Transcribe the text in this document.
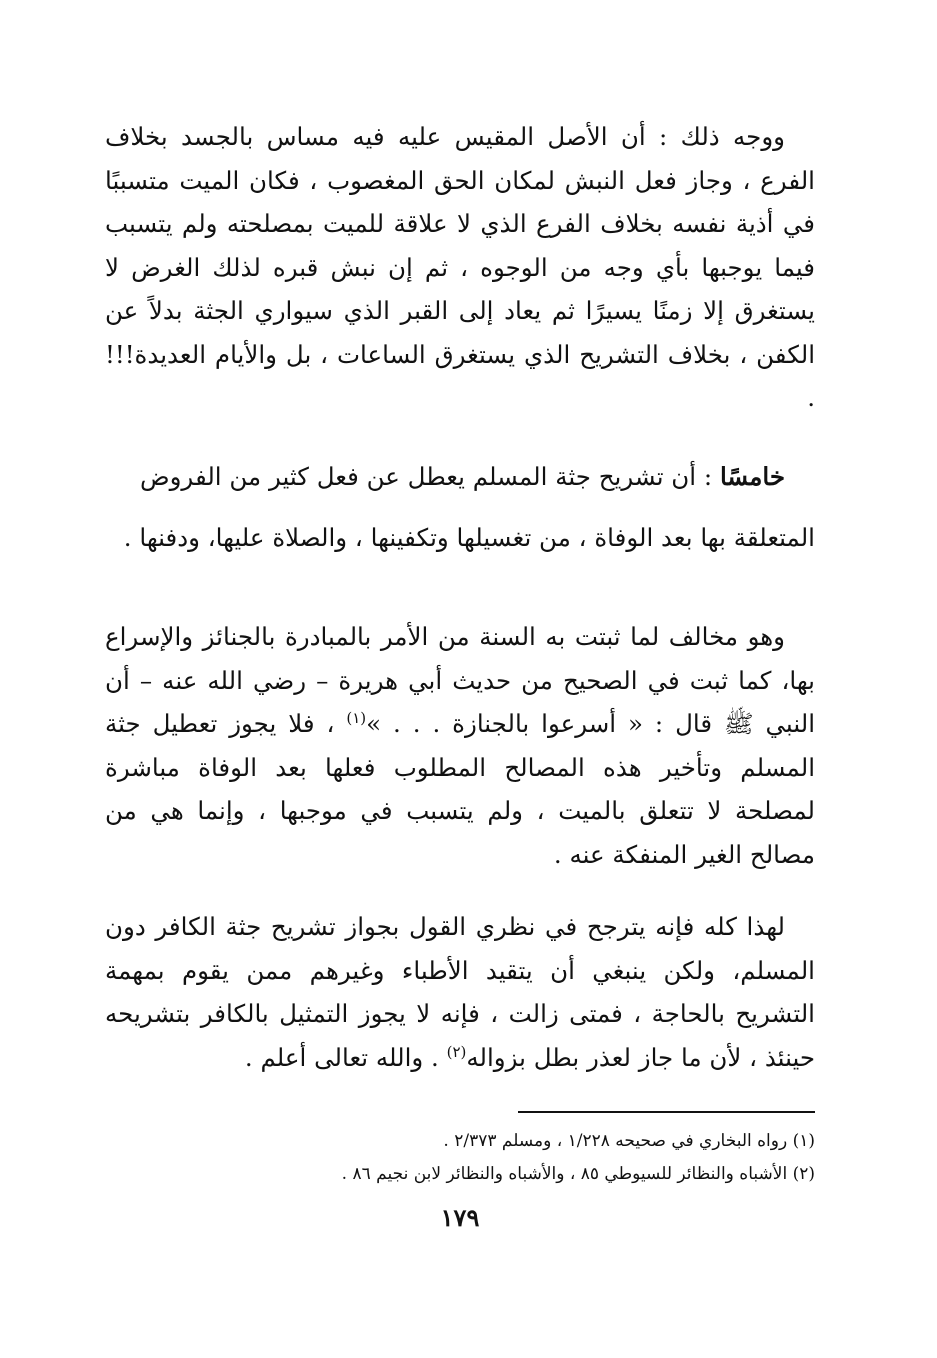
ووجه ذلك : أن الأصل المقيس عليه فيه مساس بالجسد بخلاف الفرع ، وجاز فعل النبش لمكان الحق المغصوب ، فكان الميت متسببًا في أذية نفسه بخلاف الفرع الذي لا علاقة للميت بمصلحته ولم يتسبب فيما يوجبها بأي وجه من الوجوه ، ثم إن نبش قبره لذلك الغرض لا يستغرق إلا زمنًا يسيرًا ثم يعاد إلى القبر الذي سيواري الجثة بدلاً عن الكفن ، بخلاف التشريح الذي يستغرق الساعات ، بل والأيام العديدة!!! .

خامسًا : أن تشريح جثة المسلم يعطل عن فعل كثير من الفروض
المتعلقة بها بعد الوفاة ، من تغسيلها وتكفينها ، والصلاة عليها، ودفنها .

وهو مخالف لما ثبتت به السنة من الأمر بالمبادرة بالجنائز والإسراع بها، كما ثبت في الصحيح من حديث أبي هريرة – رضي الله عنه – أن النبي ﷺ قال : « أسرعوا بالجنازة . . . »$^{(١)}$ ، فلا يجوز تعطيل جثة المسلم وتأخير هذه المصالح المطلوب فعلها بعد الوفاة مباشرة لمصلحة لا تتعلق بالميت ، ولم يتسبب في موجبها ، وإنما هي من مصالح الغير المنفكة عنه .

لهذا كله فإنه يترجح في نظري القول بجواز تشريح جثة الكافر دون المسلم، ولكن ينبغي أن يتقيد الأطباء وغيرهم ممن يقوم بمهمة التشريح بالحاجة ، فمتى زالت ، فإنه لا يجوز التمثيل بالكافر بتشريحه حينئذ ، لأن ما جاز لعذر بطل بزواله$^{(٢)}$ . والله تعالى أعلم .

(١) رواه البخاري في صحيحه ١/٢٢٨ ، ومسلم ٢/٣٧٣ .
(٢) الأشباه والنظائر للسيوطي ٨٥ ، والأشباه والنظائر لابن نجيم ٨٦ .
١٧٩
